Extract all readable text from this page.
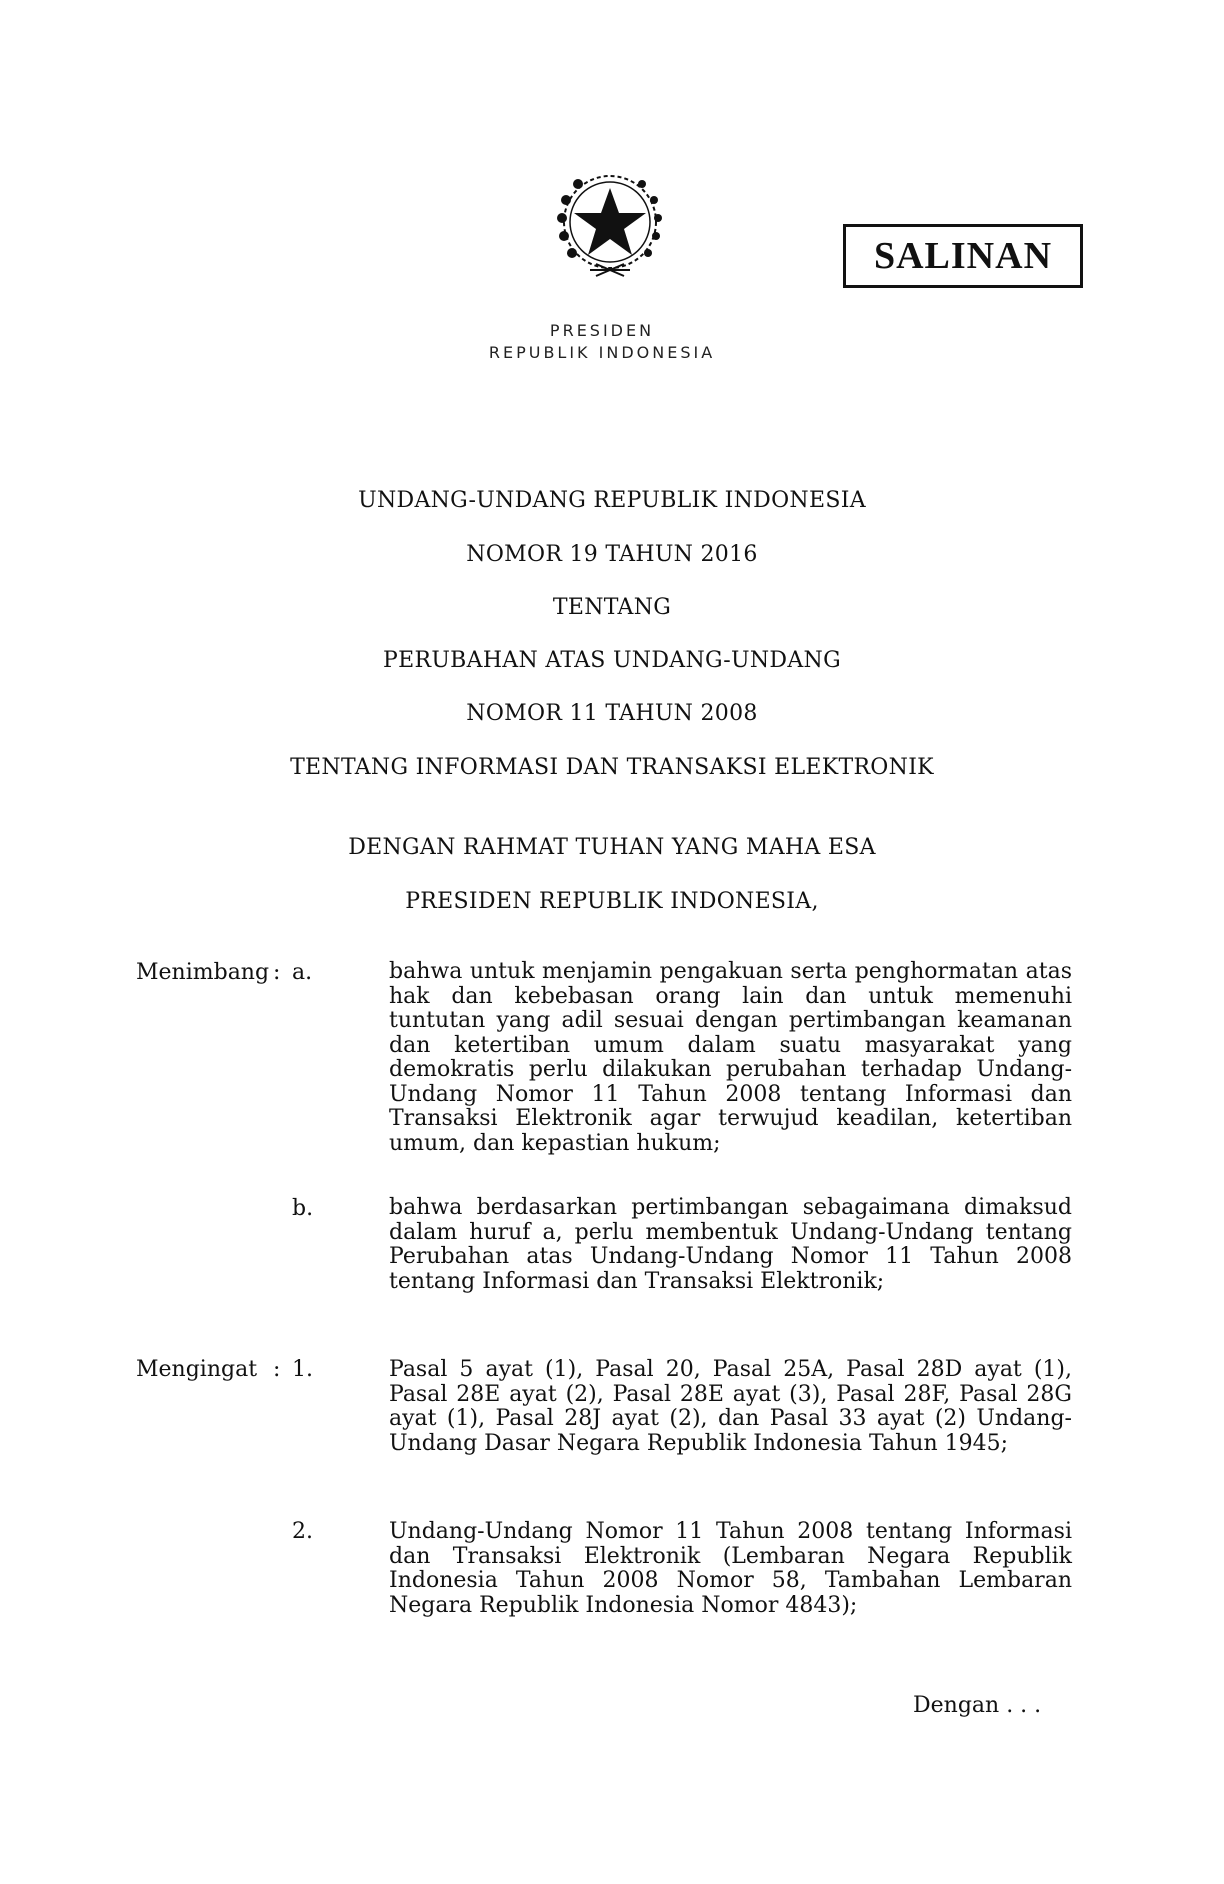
SALINAN
PRESIDEN
REPUBLIK INDONESIA
UNDANG-UNDANG REPUBLIK INDONESIA
NOMOR 19 TAHUN 2016
TENTANG
PERUBAHAN ATAS UNDANG-UNDANG
NOMOR 11 TAHUN 2008
TENTANG INFORMASI DAN TRANSAKSI ELEKTRONIK
DENGAN RAHMAT TUHAN YANG MAHA ESA
PRESIDEN REPUBLIK INDONESIA,
Menimbang : a.	bahwa untuk menjamin pengakuan serta penghormatan atas hak dan kebebasan orang lain dan untuk memenuhi tuntutan yang adil sesuai dengan pertimbangan keamanan dan ketertiban umum dalam suatu masyarakat yang demokratis perlu dilakukan perubahan terhadap Undang-Undang Nomor 11 Tahun 2008 tentang Informasi dan Transaksi Elektronik agar terwujud keadilan, ketertiban umum, dan kepastian hukum;
b.	bahwa berdasarkan pertimbangan sebagaimana dimaksud dalam huruf a, perlu membentuk Undang-Undang tentang Perubahan atas Undang-Undang Nomor 11 Tahun 2008 tentang Informasi dan Transaksi Elektronik;
Mengingat : 1.	Pasal 5 ayat (1), Pasal 20, Pasal 25A, Pasal 28D ayat (1), Pasal 28E ayat (2), Pasal 28E ayat (3), Pasal 28F, Pasal 28G ayat (1), Pasal 28J ayat (2), dan Pasal 33 ayat (2) Undang-Undang Dasar Negara Republik Indonesia Tahun 1945;
2.	Undang-Undang Nomor 11 Tahun 2008 tentang Informasi dan Transaksi Elektronik (Lembaran Negara Republik Indonesia Tahun 2008 Nomor 58, Tambahan Lembaran Negara Republik Indonesia Nomor 4843);
Dengan . . .
